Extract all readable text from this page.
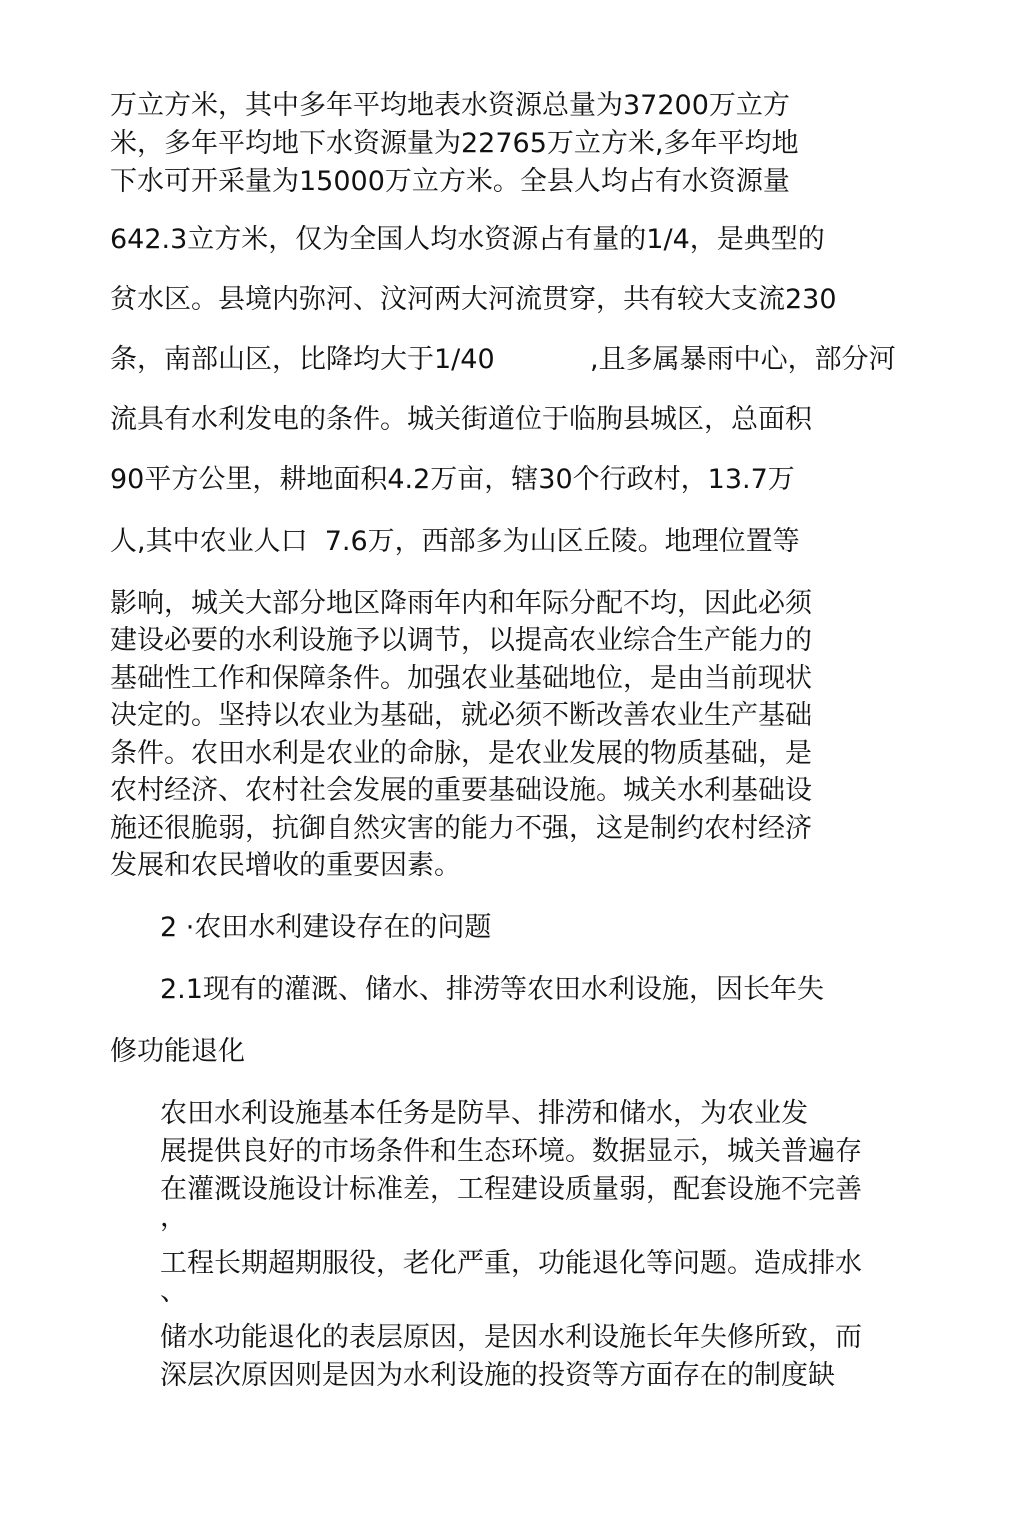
万立方米，其中多年平均地表水资源总量为37200万立方
米，多年平均地下水资源量为22765万立方米,多年平均地
下水可开采量为15000万立方米。全县人均占有水资源量
642.3立方米，仅为全国人均水资源占有量的1/4，是典型的
贫水区。县境内弥河、汶河两大河流贯穿，共有较大支流230
条，南部山区，比降均大于1/40	,且多属暴雨中心，部分河
流具有水利发电的条件。城关街道位于临朐县城区，总面积
90平方公里，耕地面积4.2万亩，辖30个行政村，13.7万
人,其中农业人口  7.6万，西部多为山区丘陵。地理位置等
影响，城关大部分地区降雨年内和年际分配不均，因此必须
建设必要的水利设施予以调节，以提高农业综合生产能力的
基础性工作和保障条件。加强农业基础地位，是由当前现状
决定的。坚持以农业为基础，就必须不断改善农业生产基础
条件。农田水利是农业的命脉，是农业发展的物质基础，是
农村经济、农村社会发展的重要基础设施。城关水利基础设
施还很脆弱，抗御自然灾害的能力不强，这是制约农村经济
发展和农民增收的重要因素。
2 ·农田水利建设存在的问题
2.1现有的灌溉、储水、排涝等农田水利设施，因长年失
修功能退化
农田水利设施基本任务是防旱、排涝和储水，为农业发
展提供良好的市场条件和生态环境。数据显示，城关普遍存
在灌溉设施设计标准差，工程建设质量弱，配套设施不完善
，
工程长期超期服役，老化严重，功能退化等问题。造成排水
、
储水功能退化的表层原因，是因水利设施长年失修所致，而
深层次原因则是因为水利设施的投资等方面存在的制度缺
